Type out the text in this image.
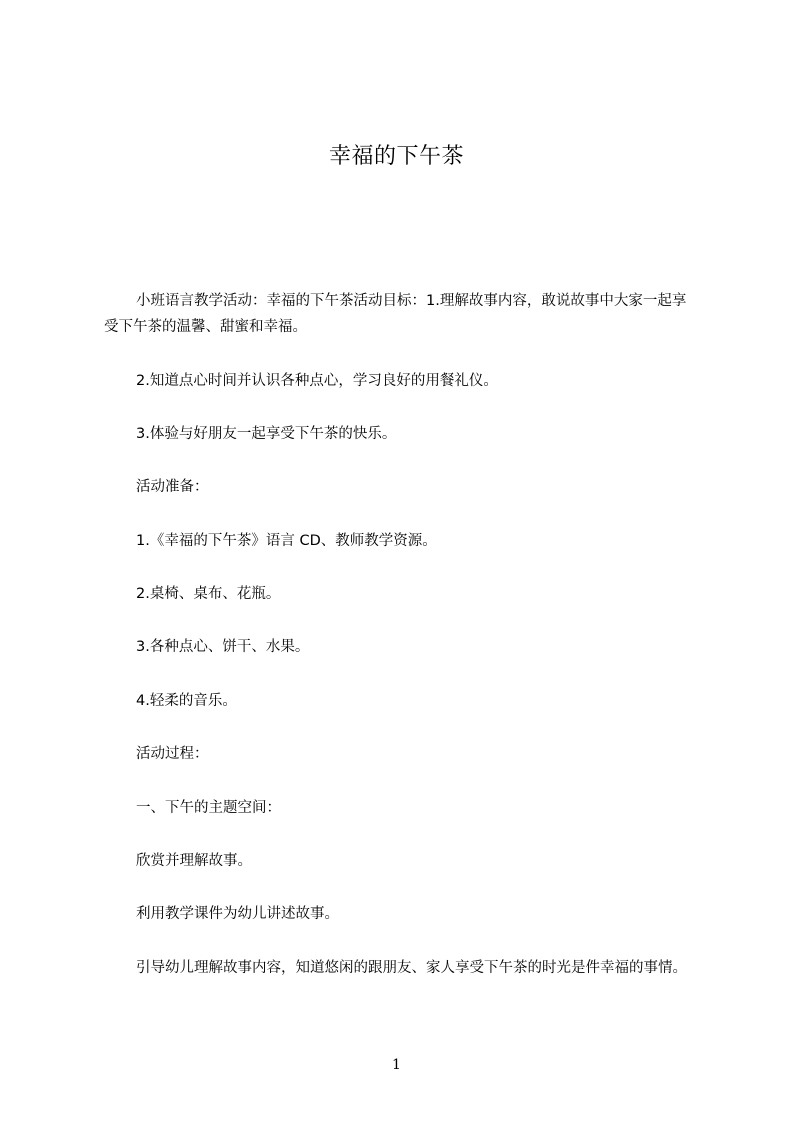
幸福的下午茶

小班语言教学活动：幸福的下午茶活动目标：1.理解故事内容，敢说故事中大家一起享受下午茶的温馨、甜蜜和幸福。

2.知道点心时间并认识各种点心，学习良好的用餐礼仪。

3.体验与好朋友一起享受下午茶的快乐。

活动准备：

1.《幸福的下午茶》语言 CD、教师教学资源。

2.桌椅、桌布、花瓶。

3.各种点心、饼干、水果。

4.轻柔的音乐。

活动过程：

一、下午的主题空间：

欣赏并理解故事。

利用教学课件为幼儿讲述故事。

引导幼儿理解故事内容，知道悠闲的跟朋友、家人享受下午茶的时光是件幸福的事情。

1
